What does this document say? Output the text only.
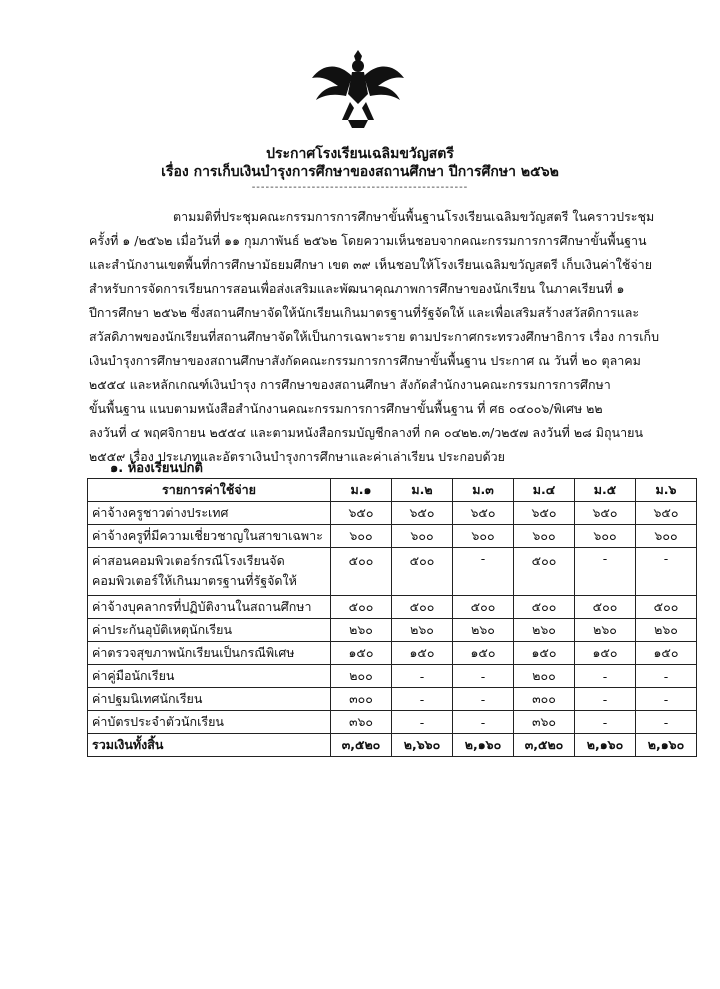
ประกาศโรงเรียนเฉลิมขวัญสตรี
เรื่อง การเก็บเงินบำรุงการศึกษาของสถานศึกษา ปีการศึกษา ๒๕๖๒
-----------------------------------------------
ตามมติที่ประชุมคณะกรรมการการศึกษาขั้นพื้นฐานโรงเรียนเฉลิมขวัญสตรี ในคราวประชุม
ครั้งที่ ๑ /๒๕๖๒ เมื่อวันที่ ๑๑ กุมภาพันธ์ ๒๕๖๒ โดยความเห็นชอบจากคณะกรรมการการศึกษาขั้นพื้นฐาน
และสำนักงานเขตพื้นที่การศึกษามัธยมศึกษา เขต ๓๙ เห็นชอบให้โรงเรียนเฉลิมขวัญสตรี เก็บเงินค่าใช้จ่าย
สำหรับการจัดการเรียนการสอนเพื่อส่งเสริมและพัฒนาคุณภาพการศึกษาของนักเรียน ในภาคเรียนที่ ๑
ปีการศึกษา ๒๕๖๒ ซึ่งสถานศึกษาจัดให้นักเรียนเกินมาตรฐานที่รัฐจัดให้ และเพื่อเสริมสร้างสวัสดิการและ
สวัสดิภาพของนักเรียนที่สถานศึกษาจัดให้เป็นการเฉพาะราย ตามประกาศกระทรวงศึกษาธิการ เรื่อง การเก็บ
เงินบำรุงการศึกษาของสถานศึกษาสังกัดคณะกรรมการการศึกษาขั้นพื้นฐาน ประกาศ ณ วันที่ ๒๐ ตุลาคม
๒๕๕๔ และหลักเกณฑ์เงินบำรุง การศึกษาของสถานศึกษา สังกัดสำนักงานคณะกรรมการการศึกษา
ขั้นพื้นฐาน แนบตามหนังสือสำนักงานคณะกรรมการการศึกษาขั้นพื้นฐาน ที่ ศธ ๐๔๐๐๖/พิเศษ ๒๒
ลงวันที่ ๔ พฤศจิกายน ๒๕๕๔ และตามหนังสือกรมบัญชีกลางที่ กค ๐๔๒๒.๓/ว๒๕๗ ลงวันที่ ๒๘ มิถุนายน
๒๕๕๙ เรื่อง ประเภทและอัตราเงินบำรุงการศึกษาและค่าเล่าเรียน ประกอบด้วย
๑. ห้องเรียนปกติ
รายการค่าใช้จ่าย	ม.๑	ม.๒	ม.๓	ม.๔	ม.๕	ม.๖
ค่าจ้างครูชาวต่างประเทศ	๖๕๐	๖๕๐	๖๕๐	๖๕๐	๖๕๐	๖๕๐
ค่าจ้างครูที่มีความเชี่ยวชาญในสาขาเฉพาะ	๖๐๐	๖๐๐	๖๐๐	๖๐๐	๖๐๐	๖๐๐
ค่าสอนคอมพิวเตอร์กรณีโรงเรียนจัด คอมพิวเตอร์ให้เกินมาตรฐานที่รัฐจัดให้	๕๐๐	๕๐๐	-	๕๐๐	-	-
ค่าจ้างบุคลากรที่ปฏิบัติงานในสถานศึกษา	๕๐๐	๕๐๐	๕๐๐	๕๐๐	๕๐๐	๕๐๐
ค่าประกันอุบัติเหตุนักเรียน	๒๖๐	๒๖๐	๒๖๐	๒๖๐	๒๖๐	๒๖๐
ค่าตรวจสุขภาพนักเรียนเป็นกรณีพิเศษ	๑๕๐	๑๕๐	๑๕๐	๑๕๐	๑๕๐	๑๕๐
ค่าคู่มือนักเรียน	๒๐๐	-	-	๒๐๐	-	-
ค่าปฐมนิเทศนักเรียน	๓๐๐	-	-	๓๐๐	-	-
ค่าบัตรประจำตัวนักเรียน	๓๖๐	-	-	๓๖๐	-	-
รวมเงินทั้งสิ้น	๓,๕๒๐	๒,๖๖๐	๒,๑๖๐	๓,๕๒๐	๒,๑๖๐	๒,๑๖๐
